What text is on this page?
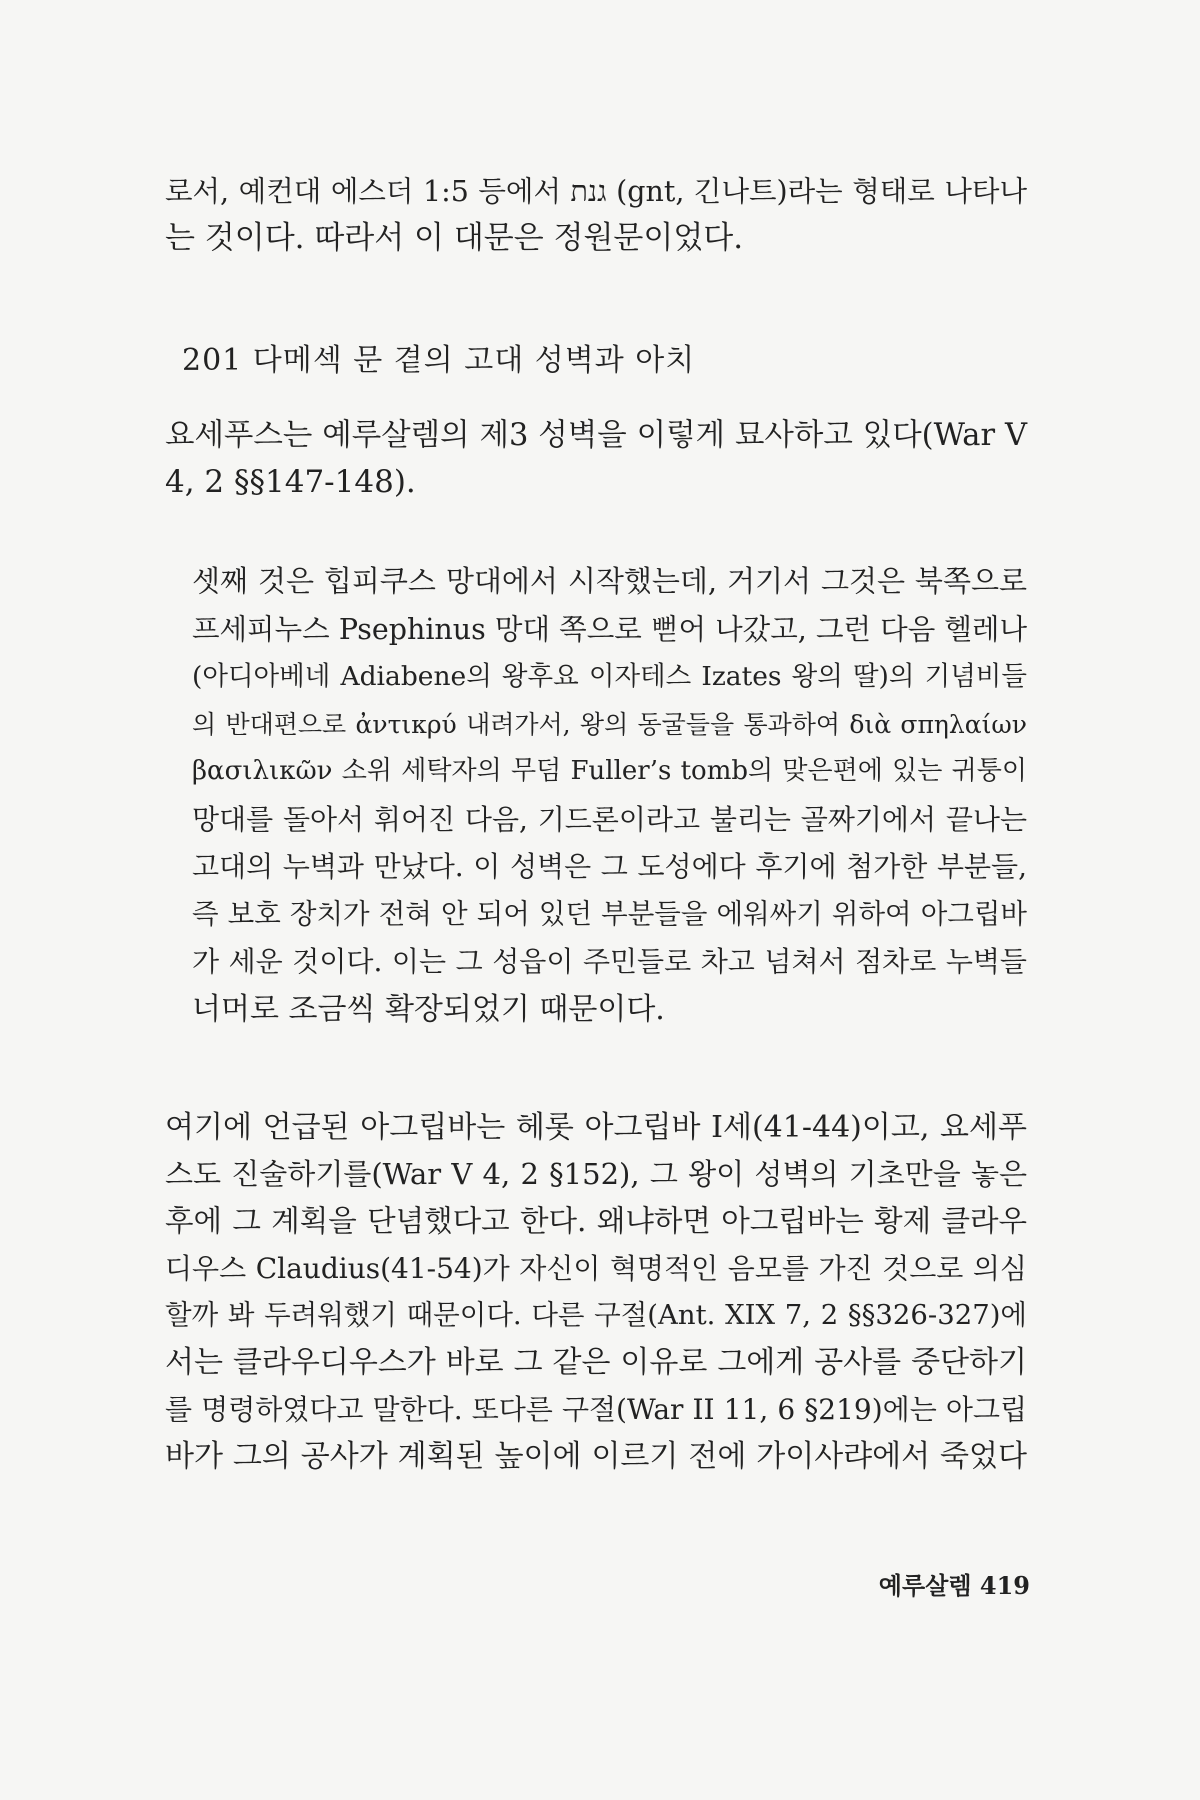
로서, 예컨대 에스더 1:5 등에서 גנת (gnt, 긴나트)라는 형태로 나타나
는 것이다. 따라서 이 대문은 정원문이었다.
201 다메섹 문 곁의 고대 성벽과 아치
요세푸스는 예루살렘의 제3 성벽을 이렇게 묘사하고 있다(War V
4, 2 §§147-148).
셋째 것은 힙피쿠스 망대에서 시작했는데, 거기서 그것은 북쪽으로
프세피누스 Psephinus 망대 쪽으로 뻗어 나갔고, 그런 다음 헬레나
(아디아베네 Adiabene의 왕후요 이자테스 Izates 왕의 딸)의 기념비들
의 반대편으로 ἀντικρύ 내려가서, 왕의 동굴들을 통과하여 διὰ σπηλαίων
βασιλικῶν 소위 세탁자의 무덤 Fuller’s tomb의 맞은편에 있는 귀퉁이
망대를 돌아서 휘어진 다음, 기드론이라고 불리는 골짜기에서 끝나는
고대의 누벽과 만났다. 이 성벽은 그 도성에다 후기에 첨가한 부분들,
즉 보호 장치가 전혀 안 되어 있던 부분들을 에워싸기 위하여 아그립바
가 세운 것이다. 이는 그 성읍이 주민들로 차고 넘쳐서 점차로 누벽들
너머로 조금씩 확장되었기 때문이다.
여기에 언급된 아그립바는 헤롯 아그립바 I세(41-44)이고, 요세푸
스도 진술하기를(War V 4, 2 §152), 그 왕이 성벽의 기초만을 놓은
후에 그 계획을 단념했다고 한다. 왜냐하면 아그립바는 황제 클라우
디우스 Claudius(41-54)가 자신이 혁명적인 음모를 가진 것으로 의심
할까 봐 두려워했기 때문이다. 다른 구절(Ant. XIX 7, 2 §§326-327)에
서는 클라우디우스가 바로 그 같은 이유로 그에게 공사를 중단하기
를 명령하였다고 말한다. 또다른 구절(War II 11, 6 §219)에는 아그립
바가 그의 공사가 계획된 높이에 이르기 전에 가이사랴에서 죽었다
예루살렘 419
